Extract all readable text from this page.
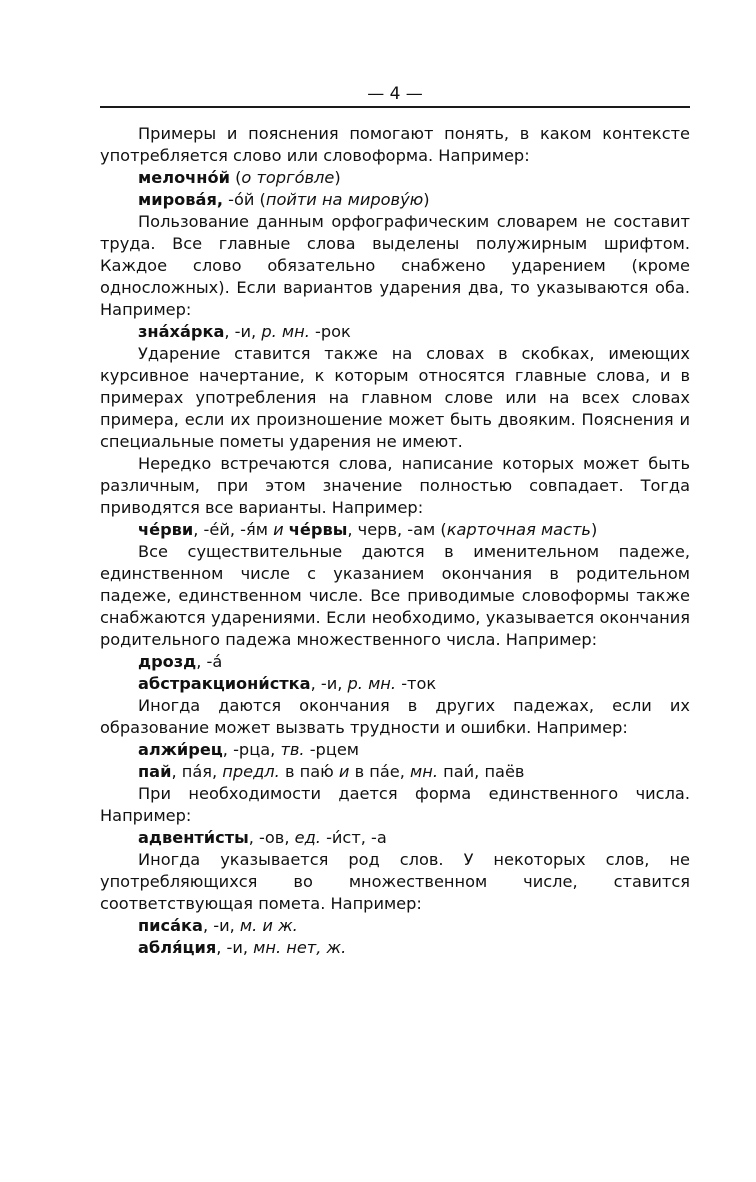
— 4 —

Примеры и пояснения помогают понять, в каком контексте употребляется слово или словоформа. Например:

мелочно́й (о торго́вле)
мирова́я, -о́й (пойти на мирову́ю)

Пользование данным орфографическим словарем не составит труда. Все главные слова выделены полужирным шрифтом. Каждое слово обязательно снабжено ударением (кроме односложных). Если вариантов ударения два, то указываются оба. Например:

зна́ха́рка, -и, р. мн. -рок

Ударение ставится также на словах в скобках, имеющих курсивное начертание, к которым относятся главные слова, и в примерах употребления на главном слове или на всех словах примера, если их произношение может быть двояким. Пояснения и специальные пометы ударения не имеют.

Нередко встречаются слова, написание которых может быть различным, при этом значение полностью совпадает. Тогда приводятся все варианты. Например:

че́рви, -е́й, -я́м и че́рвы, черв, -ам (карточная масть)

Все существительные даются в именительном падеже, единственном числе с указанием окончания в родительном падеже, единственном числе. Все приводимые словоформы также снабжаются ударениями. Если необходимо, указывается окончания родительного падежа множественного числа. Например:

дрозд, -а́
абстракциони́стка, -и, р. мн. -ток

Иногда даются окончания в других падежах, если их образование может вызвать трудности и ошибки. Например:

алжи́рец, -рца, тв. -рцем
пай, па́я, предл. в паю́ и в па́е, мн. паи́, паёв

При необходимости дается форма единственного числа. Например:

адвенти́сты, -ов, ед. -и́ст, -а

Иногда указывается род слов. У некоторых слов, не употребляющихся во множественном числе, ставится соответствующая помета. Например:

писа́ка, -и, м. и ж.
абля́ция, -и, мн. нет, ж.
